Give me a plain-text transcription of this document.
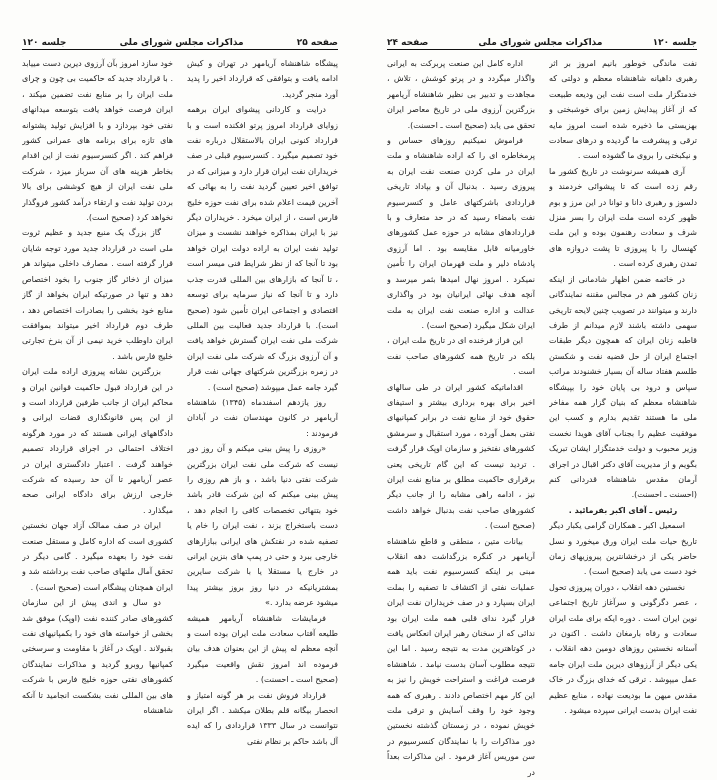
صفحه ۲۵
مذاکرات مجلس شورای ملی
جلسه ۱۲۰

پیشگاه شاهنشاه آریامهر در تهران و کیش ادامه یافت و بتوافقی که قرارداد اخیر را پدید آورد منجر گردید.

درایت و کاردانی پیشوای ایران برهمه زوایای قرارداد امروز پرتو افکنده است و با قرارداد کنونی ایران بالاستقلال درباره نفت خود تصمیم میگیرد . کنسرسیوم قبلی در صف خریداران نفت ایران قرار دارد و میزانی که در توافق اخیر تعیین گردید نفت را به بهائی که آخرین قیمت اعلام شده برای نفت حوزه خلیج فارس است ، از ایران میخرد . خریداران دیگر نیز با ایران بمذاکره خواهند نشست و میزان تولید نفت ایران به اراده دولت ایران خواهد بود تا آنجا که از نظر شرایط فنی میسر است ، تا آنجا که بازارهای بین المللی قدرت جذب دارد و تا آنجا که نیاز سرمایه برای توسعه اقتصادی و اجتماعی ایران تأمین شود (صحیح است). با قرارداد جدید فعالیت بین المللی شرکت ملی نفت ایران گسترش خواهد یافت و آن آرزوی بزرگ که شرکت ملی نفت ایران در زمره بزرگترین شرکتهای جهانی نفت قرار گیرد جامه عمل میپوشد (صحیح است) .

روز یازدهم اسفندماه (۱۳۴۵) شاهنشاه آریامهر در کانون مهندسان نفت در آبادان فرمودند :

«روزی را پیش بینی میکنم و آن روز دور نیست که شرکت ملی نفت ایران بزرگترین شرکت نفتی دنیا باشد ، و باز هم روزی را پیش بینی میکنم که این شرکت قادر باشد خود بتنهائی تخصصات کافی را انجام دهد ، دست باستخراج بزند ، نفت ایران را خام یا تصفیه شده در نفتکش های ایرانی ببازارهای خارجی ببرد و حتی در پمپ های بنزین ایرانی در خارج یا مستقلا یا با شرکت سایرین بمشتریانیکه در دنیا روز بروز بیشتر پیدا میشود عرضه بدارد .»

فرمایشات شاهنشاه آریامهر همیشه طلیعه آفتاب سعادت ملت ایران بوده است و آنچه معظم له پیش از این بعنوان هدف بیان فرموده اند امروز نقش واقعیت میگیرد (صحیح است ـ احسنت) .

قرارداد فروش نفت بر هر گونه امتیاز و انحصار بیگانه قلم بطلان میکشد . اگر ایران نتوانست در سال ۱۳۳۳ قراردادی را که ایده آل باشد حاکم بر نظام نفتی

خود سازد امروز بآن آرزوی دیرین دست مییابد . با قرارداد جدید که حاکمیت بی چون و چرای ملت ایران را بر منابع نفت تضمین میکند ، ایران فرصت خواهد یافت بتوسعه میدانهای نفتی خود بپردازد و با افزایش تولید پشتوانه های تازه برای برنامه های عمرانی کشور فراهم کند . اگر کنسرسیوم نفت از این اقدام بخاطر هزینه های آن سرباز میزد ، شرکت ملی نفت ایران از هیچ کوششی برای بالا بردن تولید نفت و ارتقاء درآمد کشور فروگذار نخواهد کرد (صحیح است).

گاز بزرگ یک منبع جدید و عظیم ثروت ملی است در قرارداد جدید مورد توجه شایان قرار گرفته است . مصارف داخلی میتواند هر میزان از ذخائر گاز جنوب را بخود اختصاص دهد و تنها در صورتیکه ایران بخواهد از گاز منابع خود بخشی را بصادرات اختصاص دهد ، طرف دوم قرارداد اخیر میتواند بموافقت ایران داوطلب خرید نیمی از آن بنرخ تجارتی خلیج فارس باشد .

بزرگترین نشانه پیروزی اراده ملت ایران در این قرارداد قبول حاکمیت قوانین ایران و محاکم ایران از جانب طرفین قرارداد است و از این پس قانونگذاری قضات ایرانی و دادگاههای ایرانی هستند که در مورد هرگونه اختلاف احتمالی در اجرای قرارداد تصمیم خواهند گرفت . اعتبار دادگستری ایران در عصر آریامهر تا آن حد رسیده که شرکت خارجی ارزش برای دادگاه ایرانی صحه میگذارد .

ایران در صف ممالک آزاد جهان نخستین کشوری است که اداره کامل و مستقل صنعت نفت خود را بعهده میگیرد . گامی دیگر در تحقق آمال ملتهای صاحب نفت برداشته شد و ایران همچنان پیشگام است (صحیح است) .

دو سال و اندی پیش از این سازمان کشورهای صادر کننده نفت (اوپک) موفق شد بخشی از خواسته های خود را بکمپانیهای نفت بقبولاند . اوپک در آغاز با مقاومت و سرسختی کمپانیها روبرو گردید و مذاکرات نمایندگان کشورهای نفتی حوزه خلیج فارس با شرکت های بین المللی نفت بشکست انجامید تا آنکه شاهنشاه

جلسه ۱۲۰
مذاکرات مجلس شورای ملی
صفحه ۲۴

نفت ماندگی خوطور بانیم امروز بر اثر رهبری داهیانه شاهنشاه معظم و دولتی که خدمتگزار ملت است نفت این ودیعه طبیعت که از آغاز پیدایش زمین برای خوشبختی و بهزیستی ما ذخیره شده است امروز مایه ترقی و پیشرفت ما گردیده و درهای سعادت و نیکبختی را بروی ما گشوده است .

آری همیشه سرنوشت در تاریخ کشور ما رقم زده است که تا پیشوائی خردمند و دلسوز و رهبری دانا و توانا در این مرز و بوم ظهور کرده است ملت ایران را بسر منزل شرف و سعادت رهنمون بوده و این ملت کهنسال را با پیروزی تا پشت دروازه های تمدن رهبری کرده است .

در خاتمه ضمن اظهار شادمانی از اینکه زنان کشور هم در مجالس مقننه نمایندگانی دارند و میتوانند در تصویب چنین لایحه تاریخی سهمی داشته باشند لازم میدانم از طرف قاطبه زنان ایران که همچون دیگر طبقات اجتماع ایران از حل قضیه نفت و شکستن طلسم هفتاد ساله آن بسیار خشنودند مراتب سپاس و درود بی پایان خود را بپیشگاه شاهنشاه معظم که بنیان گزار همه مفاخر ملی ما هستند تقدیم بدارم و کسب این موفقیت عظیم را بجناب آقای هویدا نخست وزیر محبوب و دولت خدمتگزار ایشان تبریک بگویم و از مدیریت آقای دکتر اقبال در اجرای آرمان مقدس شاهنشاه قدردانی کنم (احسنت ـ احسنت).

رئیس ـ آقای اکبر بفرمائید .

اسمعیل اکبر ـ همکاران گرامی یکبار دیگر تاریخ حیات ملت ایران ورق میخورد و نسل حاضر یکی از درخشانترین پیروزیهای زمان خود دست می یابد (صحیح است) .

نخستین دهه انقلاب ، دوران پیروزی تحول ، عصر دگرگونی و سرآغاز تاریخ اجتماعی نوین ایران است . دوره ایکه برای ملت ایران سعادت و رفاه بارمغان داشت . اکنون در آستانه نخستین روزهای دومین دهه انقلاب ، یکی دیگر از آرزوهای دیرین ملت ایران جامه عمل میپوشد . ترقی که خدای بزرگ در خاک مقدس میهن ما بودیعت نهاده ، منابع عظیم نفت ایران بدست ایرانی سپرده میشود .

اداره کامل این صنعت پربرکت به ایرانی واگذار میگردد و در پرتو کوشش ، تلاش ، مجاهدت و تدبیر بی نظیر شاهنشاه آریامهر بزرگترین آرزوی ملی در تاریخ معاصر ایران تحقق می یابد (صحیح است ـ احسنت).

فراموش نمیکنیم روزهای حساس و پرمخاطره ای را که اراده شاهنشاه و ملت ایران در ملی کردن صنعت نفت ایران به پیروزی رسید . بدنبال آن و بپاداد تاریخی قراردادی باشرکتهای عامل و کنسرسیوم نفت بامضاء رسید که در حد متعارف و با قراردادهای مشابه در حوزه عمل کشورهای خاورمیانه قابل مقایسه بود . اما آرزوی پادشاه دلیر و ملت قهرمان ایران را تأمین نمیکرد . امروز نهال امیدها بثمر میرسد و آنچه هدف نهائی ایرانیان بود در واگذاری عدالت و اداره صنعت نفت ایران به ملت ایران شکل میگیرد (صحیح است) .

این فراز فرخنده ای در تاریخ ملت ایران ، بلکه در تاریخ همه کشورهای صاحب نفت است .

اقداماتیکه کشور ایران در طی سالهای اخیر برای بهره برداری بیشتر و استیفای حقوق خود از منابع نفت در برابر کمپانیهای نفتی بعمل آورده ، مورد استقبال و سرمشق کشورهای نفتخیز و سازمان اوپک قرار گرفت . تردید نیست که این گام تاریخی یعنی برقراری حاکمیت مطلق بر منابع نفت ایران نیز ، ادامه راهی مشابه را از جانب دیگر کشورهای صاحب نفت بدنبال خواهد داشت (صحیح است) .

بیانات متین ، منطقی و قاطع شاهنشاه آریامهر در کنگره بزرگداشت دهه انقلاب مبنی بر اینکه کنسرسیوم نفت باید همه عملیات نفتی از اکتشاف تا تصفیه را بملت ایران بسپارد و در صف خریداران نفت ایران قرار گیرد ندای قلبی همه ملت ایران بود ندائی که از سخنان رهبر ایران انعکاس یافت در کوتاهترین مدت به نتیجه رسید . اما این نتیجه مطلوب آسان بدست نیامد . شاهنشاه فرصت فراغت و استراحت خویش را نیز به این کار مهم اختصاص دادند . رهبری که همه وجود خود را وقف آسایش و ترقی ملت خویش نموده ، در زمستان گذشته نخستین دور مذاکرات را با نمایندگان کنسرسیوم در سن موریس آغاز فرمود . این مذاکرات بعداً در
